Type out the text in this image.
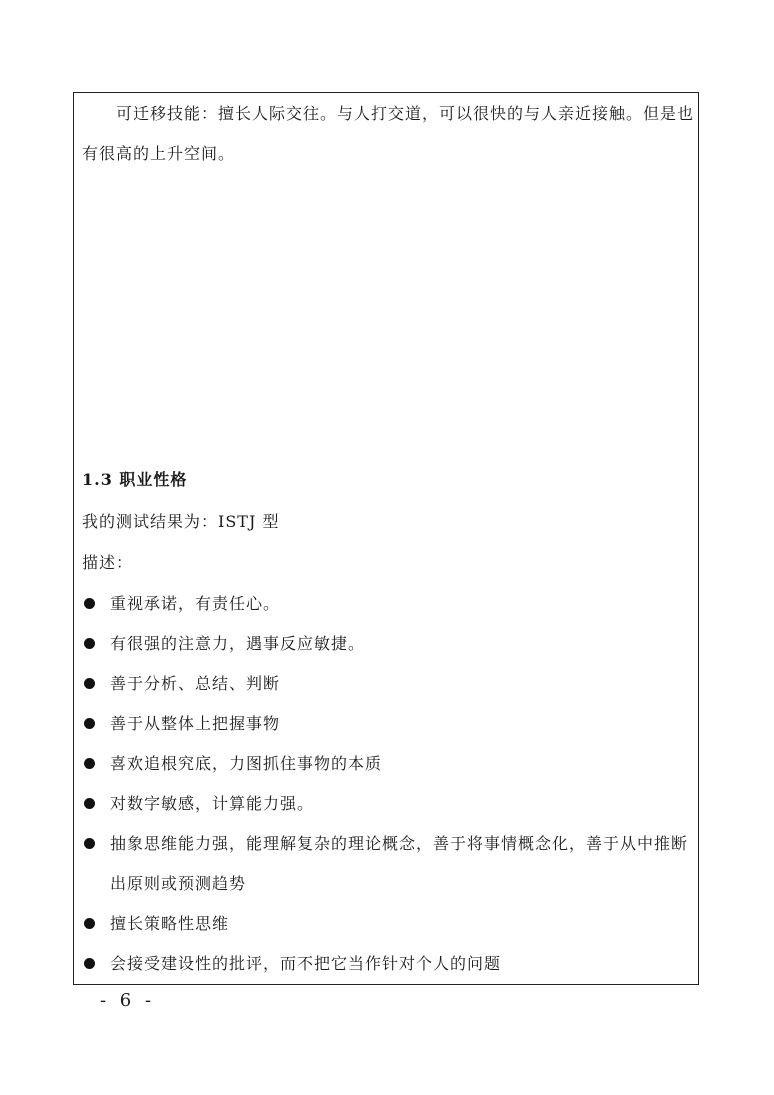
可迁移技能：擅长人际交往。与人打交道，可以很快的与人亲近接触。但是也有很高的上升空间。

1.3 职业性格

我的测试结果为：ISTJ 型

描述：

重视承诺，有责任心。
有很强的注意力，遇事反应敏捷。
善于分析、总结、判断
善于从整体上把握事物
喜欢追根究底，力图抓住事物的本质
对数字敏感，计算能力强。
抽象思维能力强，能理解复杂的理论概念，善于将事情概念化，善于从中推断出原则或预测趋势
擅长策略性思维
会接受建设性的批评，而不把它当作针对个人的问题
- 6 -
